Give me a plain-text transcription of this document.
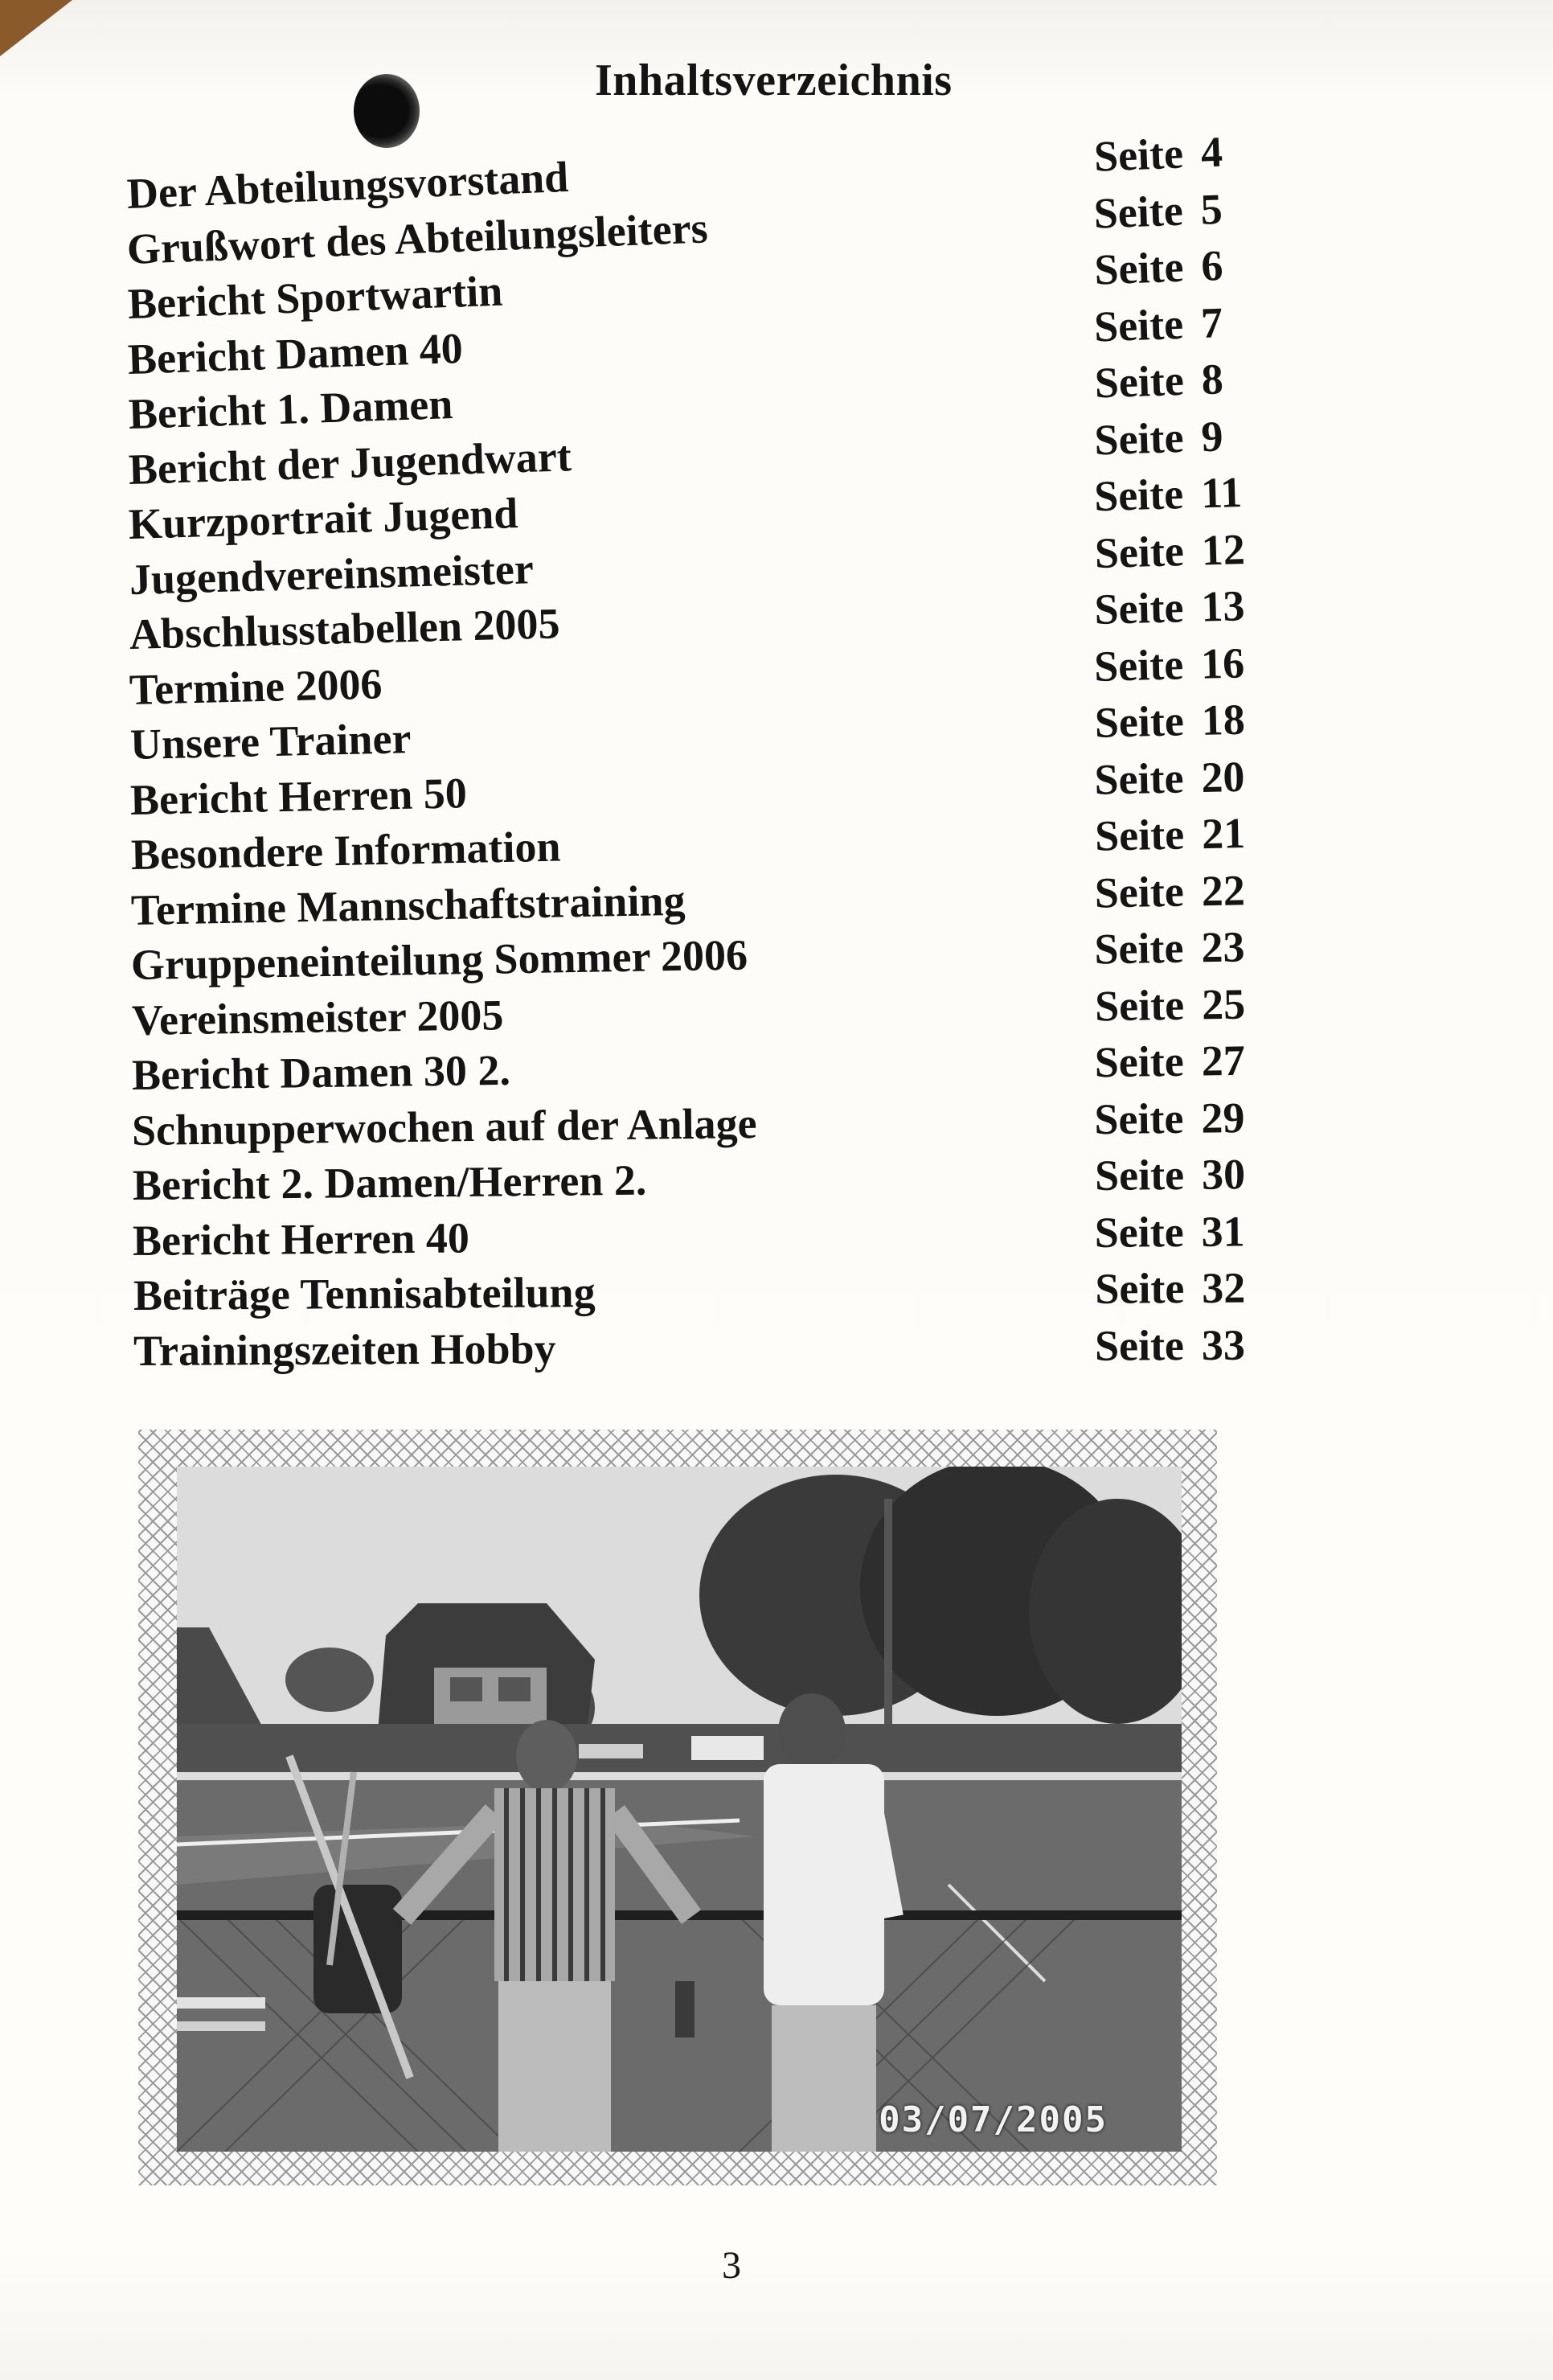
Inhaltsverzeichnis
Der Abteilungsvorstand	Seite 4
Grußwort des Abteilungsleiters	Seite 5
Bericht Sportwartin	Seite 6
Bericht Damen 40	Seite 7
Bericht 1. Damen	Seite 8
Bericht der Jugendwart	Seite 9
Kurzportrait Jugend	Seite 11
Jugendvereinsmeister	Seite 12
Abschlusstabellen 2005	Seite 13
Termine 2006	Seite 16
Unsere Trainer	Seite 18
Bericht Herren 50	Seite 20
Besondere Information	Seite 21
Termine Mannschaftstraining	Seite 22
Gruppeneinteilung Sommer 2006	Seite 23
Vereinsmeister 2005	Seite 25
Bericht Damen 30 2.	Seite 27
Schnupperwochen auf der Anlage	Seite 29
Bericht 2. Damen/Herren 2.	Seite 30
Bericht Herren 40	Seite 31
Beiträge Tennisabteilung	Seite 32
Trainingszeiten Hobby	Seite 33
03/07/2005
3
